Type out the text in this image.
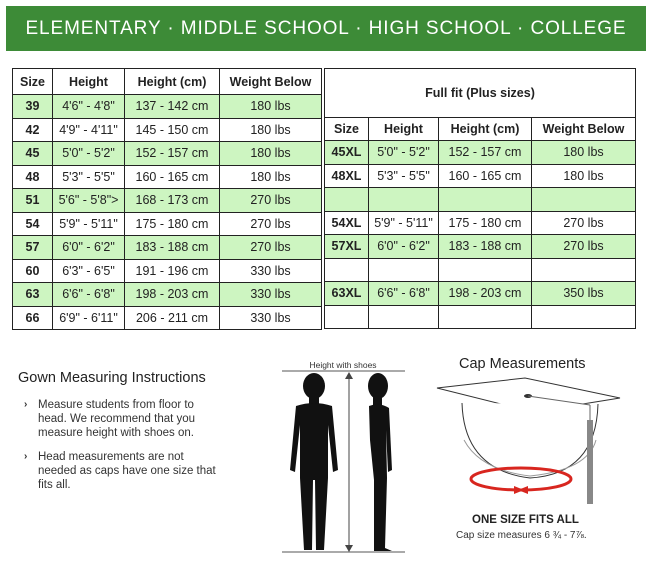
ELEMENTARY · MIDDLE SCHOOL · HIGH SCHOOL · COLLEGE
Size	Height	Height (cm)	Weight Below
39	4'6" - 4'8"	137 - 142 cm	180 lbs
42	4'9" - 4'11"	145 - 150 cm	180 lbs
45	5'0" - 5'2"	152 - 157 cm	180 lbs
48	5'3" - 5'5"	160 - 165 cm	180 lbs
51	5'6" - 5'8">	168 - 173 cm	270 lbs
54	5'9" - 5'11"	175 - 180 cm	270 lbs
57	6'0" - 6'2"	183 - 188 cm	270 lbs
60	6'3" - 6'5"	191 - 196 cm	330 lbs
63	6'6" - 6'8"	198 - 203 cm	330 lbs
66	6'9" - 6'11"	206 - 211 cm	330 lbs
Full fit (Plus sizes)			
Size	Height	Height (cm)	Weight Below
45XL	5'0" - 5'2"	152 - 157 cm	180 lbs
48XL	5'3" - 5'5"	160 - 165 cm	180 lbs

54XL	5'9" - 5'11"	175 - 180 cm	270 lbs
57XL	6'0" - 6'2"	183 - 188 cm	270 lbs

63XL	6'6" - 6'8"	198 - 203 cm	350 lbs

Gown Measuring Instructions
› Measure students from floor to head. We recommend that you measure height with shoes on.
› Head measurements are not needed as caps have one size that fits all.
Height with shoes	Cap Measurements
ONE SIZE FITS ALL
Cap size measures 6 ¾ - 7⅞.
